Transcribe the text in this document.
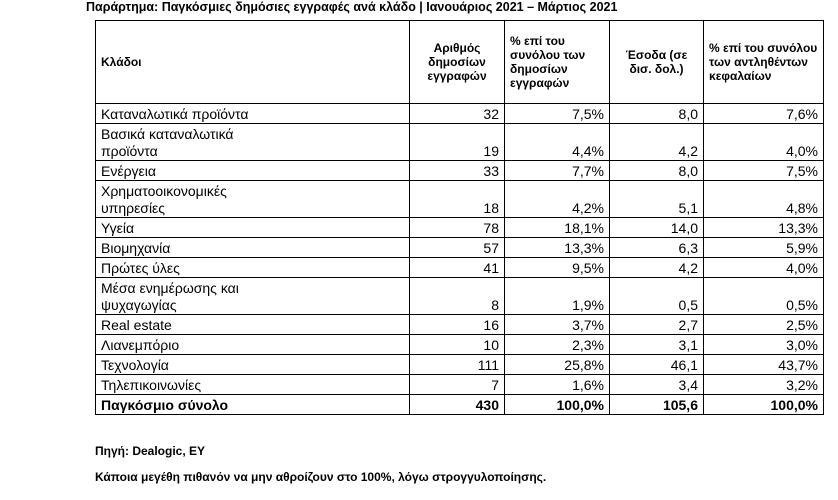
Παράρτημα: Παγκόσμιες δημόσιες εγγραφές ανά κλάδο | Ιανουάριος 2021 – Μάρτιος 2021
Κλάδοι	Αριθμός δημοσίων εγγραφών	% επί του συνόλου των δημοσίων εγγραφών	Έσοδα (σε δισ. δολ.)	% επί του συνόλου των αντληθέντων κεφαλαίων
Καταναλωτικά προϊόντα	32	7,5%	8,0	7,6%

Βασικά καταναλωτικά προϊόντα	19	4,4%	4,2	4,0%
Ενέργεια	33	7,7%	8,0	7,5%

Χρηματοοικονομικές υπηρεσίες	18	4,2%	5,1	4,8%
Υγεία	78	18,1%	14,0	13,3%
Βιομηχανία	57	13,3%	6,3	5,9%
Πρώτες ύλες	41	9,5%	4,2	4,0%

Μέσα ενημέρωσης και ψυχαγωγίας	8	1,9%	0,5	0,5%
Real estate	16	3,7%	2,7	2,5%
Λιανεμπόριο	10	2,3%	3,1	3,0%
Τεχνολογία	111	25,8%	46,1	43,7%
Τηλεπικοινωνίες	7	1,6%	3,4	3,2%
Παγκόσμιο σύνολο	430	100,0%	105,6	100,0%
Πηγή: Dealogic, EY
Κάποια μεγέθη πιθανόν να μην αθροίζουν στο 100%, λόγω στρογγυλοποίησης.
